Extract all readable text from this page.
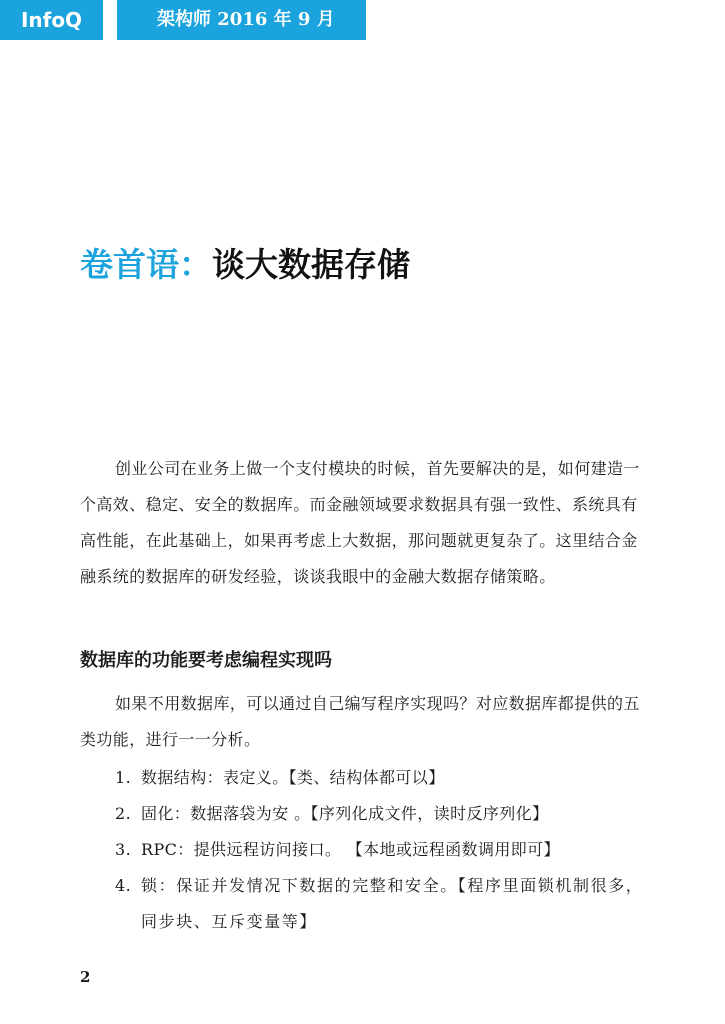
InfoQ	架构师 2016 年 9 月
卷首语：谈大数据存储

创业公司在业务上做一个支付模块的时候，首先要解决的是，如何建造一个高效、稳定、安全的数据库。而金融领域要求数据具有强一致性、系统具有高性能，在此基础上，如果再考虑上大数据，那问题就更复杂了。这里结合金融系统的数据库的研发经验，谈谈我眼中的金融大数据存储策略。

数据库的功能要考虑编程实现吗

如果不用数据库，可以通过自己编写程序实现吗？对应数据库都提供的五类功能，进行一一分析。

1. 数据结构：表定义。【类、结构体都可以】
2. 固化：数据落袋为安 。【序列化成文件，读时反序列化】
3. RPC：提供远程访问接口。 【本地或远程函数调用即可】
4. 锁：保证并发情况下数据的完整和安全。【程序里面锁机制很多，同步块、互斥变量等】
2
